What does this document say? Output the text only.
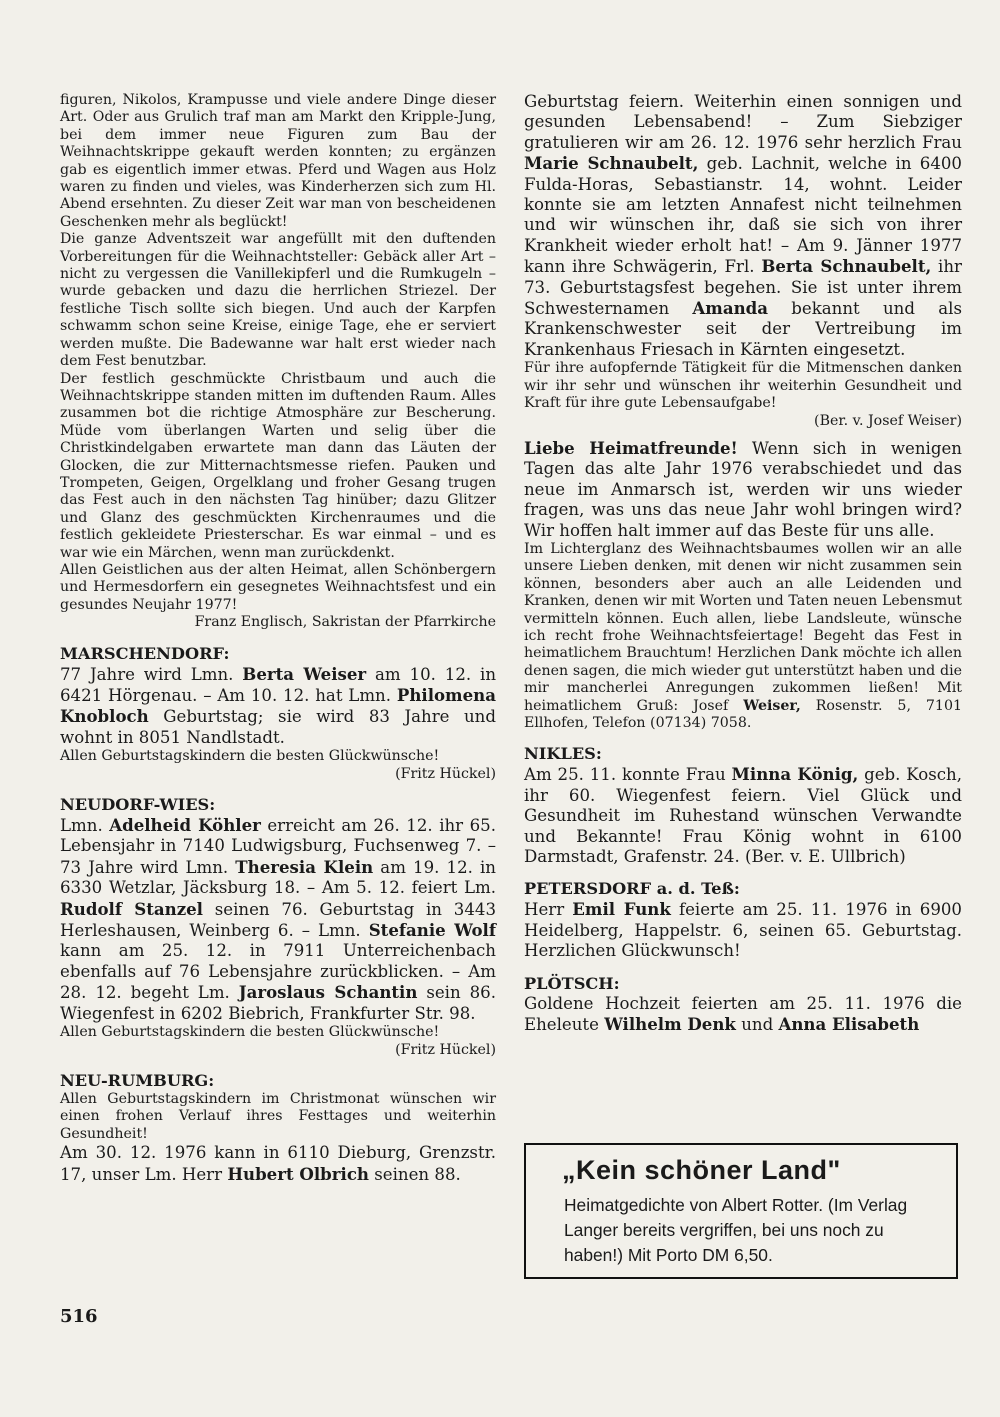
figuren, Nikolos, Krampusse und viele andere Dinge dieser Art. Oder aus Grulich traf man am Markt den Kripple-Jung, bei dem immer neue Figuren zum Bau der Weihnachtskrippe gekauft werden konnten; zu ergänzen gab es eigentlich immer etwas. Pferd und Wagen aus Holz waren zu finden und vieles, was Kinderherzen sich zum Hl. Abend ersehnten. Zu dieser Zeit war man von bescheidenen Geschenken mehr als beglückt!

Die ganze Adventszeit war angefüllt mit den duftenden Vorbereitungen für die Weihnachtsteller: Gebäck aller Art – nicht zu vergessen die Vanillekipferl und die Rumkugeln – wurde gebacken und dazu die herrlichen Striezel. Der festliche Tisch sollte sich biegen. Und auch der Karpfen schwamm schon seine Kreise, einige Tage, ehe er serviert werden mußte. Die Badewanne war halt erst wieder nach dem Fest benutzbar.

Der festlich geschmückte Christbaum und auch die Weihnachtskrippe standen mitten im duftenden Raum. Alles zusammen bot die richtige Atmosphäre zur Bescherung. Müde vom überlangen Warten und selig über die Christkindelgaben erwartete man dann das Läuten der Glocken, die zur Mitternachtsmesse riefen. Pauken und Trompeten, Geigen, Orgelklang und froher Gesang trugen das Fest auch in den nächsten Tag hinüber; dazu Glitzer und Glanz des geschmückten Kirchenraumes und die festlich gekleidete Priesterschar. Es war einmal – und es war wie ein Märchen, wenn man zurückdenkt.

Allen Geistlichen aus der alten Heimat, allen Schönbergern und Hermesdorfern ein gesegnetes Weihnachtsfest und ein gesundes Neujahr 1977!

Franz Englisch, Sakristan der Pfarrkirche

MARSCHENDORF:

77 Jahre wird Lmn. Berta Weiser am 10. 12. in 6421 Hörgenau. – Am 10. 12. hat Lmn. Philomena Knobloch Geburtstag; sie wird 83 Jahre und wohnt in 8051 Nandlstadt.

Allen Geburtstagskindern die besten Glückwünsche!

(Fritz Hückel)

NEUDORF-WIES:

Lmn. Adelheid Köhler erreicht am 26. 12. ihr 65. Lebensjahr in 7140 Ludwigsburg, Fuchsenweg 7. – 73 Jahre wird Lmn. Theresia Klein am 19. 12. in 6330 Wetzlar, Jäcksburg 18. – Am 5. 12. feiert Lm. Rudolf Stanzel seinen 76. Geburtstag in 3443 Herleshausen, Weinberg 6. – Lmn. Stefanie Wolf kann am 25. 12. in 7911 Unterreichenbach ebenfalls auf 76 Lebensjahre zurückblicken. – Am 28. 12. begeht Lm. Jaroslaus Schantin sein 86. Wiegenfest in 6202 Biebrich, Frankfurter Str. 98.

Allen Geburtstagskindern die besten Glückwünsche!

(Fritz Hückel)

NEU-RUMBURG:

Allen Geburtstagskindern im Christmonat wünschen wir einen frohen Verlauf ihres Festtages und weiterhin Gesundheit!

Am 30. 12. 1976 kann in 6110 Dieburg, Grenzstr. 17, unser Lm. Herr Hubert Olbrich seinen 88.

Geburtstag feiern. Weiterhin einen sonnigen und gesunden Lebensabend! – Zum Siebziger gratulieren wir am 26. 12. 1976 sehr herzlich Frau Marie Schnaubelt, geb. Lachnit, welche in 6400 Fulda-Horas, Sebastianstr. 14, wohnt. Leider konnte sie am letzten Annafest nicht teilnehmen und wir wünschen ihr, daß sie sich von ihrer Krankheit wieder erholt hat! – Am 9. Jänner 1977 kann ihre Schwägerin, Frl. Berta Schnaubelt, ihr 73. Geburtstagsfest begehen. Sie ist unter ihrem Schwesternamen Amanda bekannt und als Krankenschwester seit der Vertreibung im Krankenhaus Friesach in Kärnten eingesetzt.

Für ihre aufopfernde Tätigkeit für die Mitmenschen danken wir ihr sehr und wünschen ihr weiterhin Gesundheit und Kraft für ihre gute Lebensaufgabe!

(Ber. v. Josef Weiser)

Liebe Heimatfreunde! Wenn sich in wenigen Tagen das alte Jahr 1976 verabschiedet und das neue im Anmarsch ist, werden wir uns wieder fragen, was uns das neue Jahr wohl bringen wird? Wir hoffen halt immer auf das Beste für uns alle.

Im Lichterglanz des Weihnachtsbaumes wollen wir an alle unsere Lieben denken, mit denen wir nicht zusammen sein können, besonders aber auch an alle Leidenden und Kranken, denen wir mit Worten und Taten neuen Lebensmut vermitteln können. Euch allen, liebe Landsleute, wünsche ich recht frohe Weihnachtsfeiertage! Begeht das Fest in heimatlichem Brauchtum! Herzlichen Dank möchte ich allen denen sagen, die mich wieder gut unterstützt haben und die mir mancherlei Anregungen zukommen ließen! Mit heimatlichem Gruß: Josef Weiser, Rosenstr. 5, 7101 Ellhofen, Telefon (07134) 7058.

NIKLES:

Am 25. 11. konnte Frau Minna König, geb. Kosch, ihr 60. Wiegenfest feiern. Viel Glück und Gesundheit im Ruhestand wünschen Verwandte und Bekannte! Frau König wohnt in 6100 Darmstadt, Grafenstr. 24. (Ber. v. E. Ullbrich)

PETERSDORF a. d. Teß:

Herr Emil Funk feierte am 25. 11. 1976 in 6900 Heidelberg, Happelstr. 6, seinen 65. Geburtstag. Herzlichen Glückwunsch!

PLÖTSCH:

Goldene Hochzeit feierten am 25. 11. 1976 die Eheleute Wilhelm Denk und Anna Elisabeth

„Kein schöner Land"
Heimatgedichte von Albert Rotter. (Im Verlag Langer bereits vergriffen, bei uns noch zu haben!) Mit Porto DM 6,50.
516
